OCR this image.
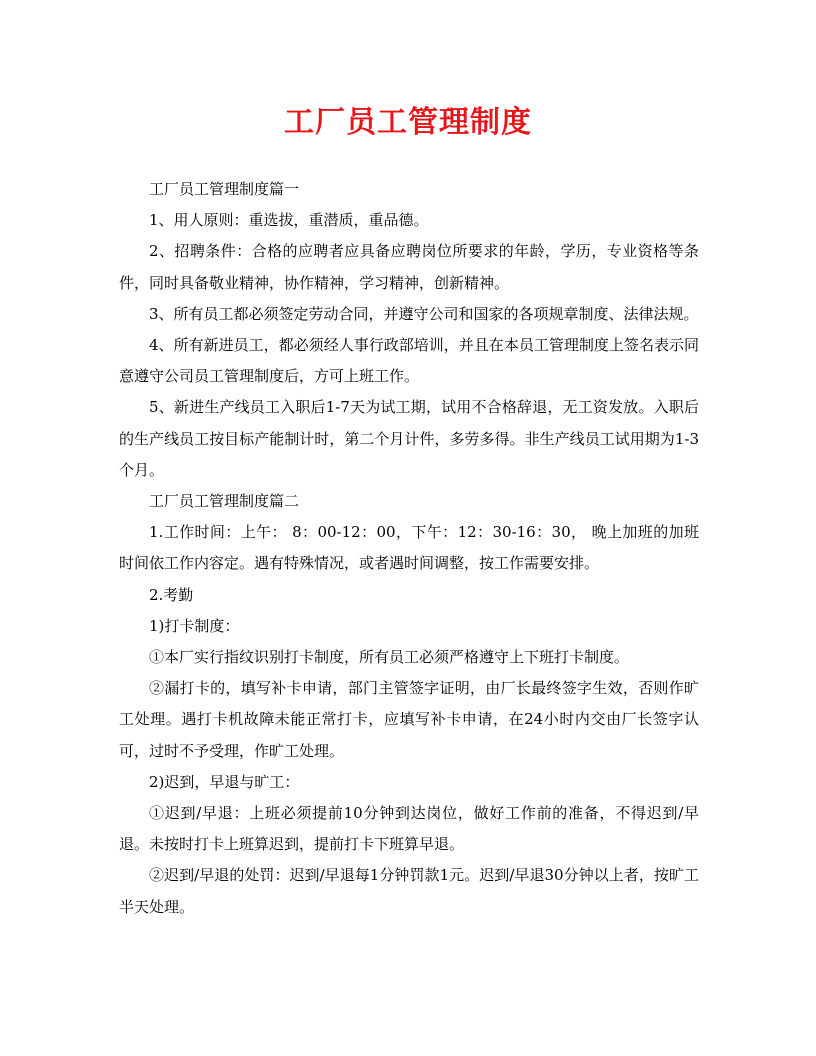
工厂员工管理制度

工厂员工管理制度篇一

1、用人原则：重选拔，重潜质，重品德。

2、招聘条件：合格的应聘者应具备应聘岗位所要求的年龄，学历，专业资格等条件，同时具备敬业精神，协作精神，学习精神，创新精神。

3、所有员工都必须签定劳动合同，并遵守公司和国家的各项规章制度、法律法规。

4、所有新进员工，都必须经人事行政部培训，并且在本员工管理制度上签名表示同意遵守公司员工管理制度后，方可上班工作。

5、新进生产线员工入职后1-7天为试工期，试用不合格辞退，无工资发放。入职后的生产线员工按目标产能制计时，第二个月计件，多劳多得。非生产线员工试用期为1-3个月。

工厂员工管理制度篇二

1.工作时间：上午： 8：00-12：00，下午：12：30-16：30， 晚上加班的加班时间依工作内容定。遇有特殊情况，或者遇时间调整，按工作需要安排。

2.考勤

1)打卡制度：

①本厂实行指纹识别打卡制度，所有员工必须严格遵守上下班打卡制度。

②漏打卡的，填写补卡申请，部门主管签字证明，由厂长最终签字生效，否则作旷工处理。遇打卡机故障未能正常打卡，应填写补卡申请，在24小时内交由厂长签字认可，过时不予受理，作旷工处理。

2)迟到，早退与旷工：

①迟到/早退：上班必须提前10分钟到达岗位，做好工作前的准备，不得迟到/早退。未按时打卡上班算迟到，提前打卡下班算早退。

②迟到/早退的处罚：迟到/早退每1分钟罚款1元。迟到/早退30分钟以上者，按旷工半天处理。
